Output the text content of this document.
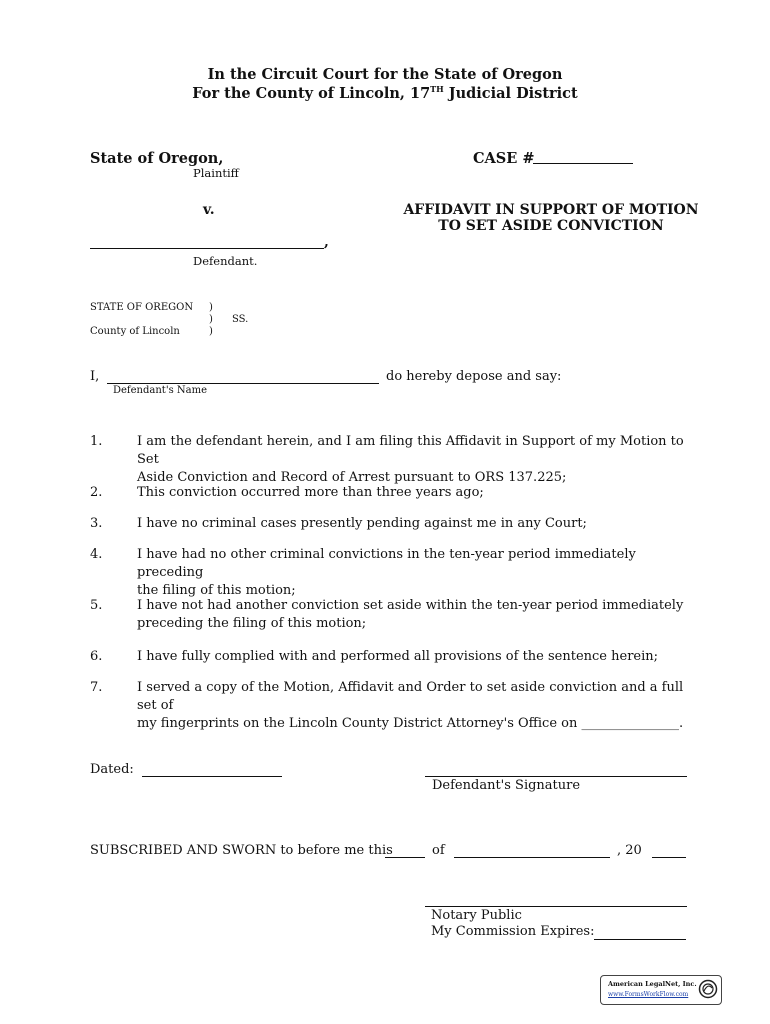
In the Circuit Court for the State of Oregon
For the County of Lincoln, 17TH Judicial District
State of Oregon,
Plaintiff
v.
,
Defendant.
CASE #
AFFIDAVIT IN SUPPORT OF MOTION
TO SET ASIDE CONVICTION
STATE OF OREGON
County of Lincoln
)
)
)
SS.
I,	do hereby depose and say:
Defendant's Name
1.	I am the defendant herein, and I am filing this Affidavit in Support of my Motion to Set
Aside Conviction and Record of Arrest pursuant to ORS 137.225;
2.	This conviction occurred more than three years ago;
3.	I have no criminal cases presently pending against me in any Court;
4.	I have had no other criminal convictions in the ten-year period immediately preceding
the filing of this motion;
5.	I have not had another conviction set aside within the ten-year period immediately
preceding the filing of this motion;
6.	I have fully complied with and performed all provisions of the sentence herein;
7.	I served a copy of the Motion, Affidavit and Order to set aside conviction and a full set of
my fingerprints on the Lincoln County District Attorney's Office on _______________.
Dated:
Defendant's Signature
SUBSCRIBED AND SWORN to before me this	of	, 20
Notary Public
My Commission Expires:
American LegalNet, Inc.
www.FormsWorkFlow.com
